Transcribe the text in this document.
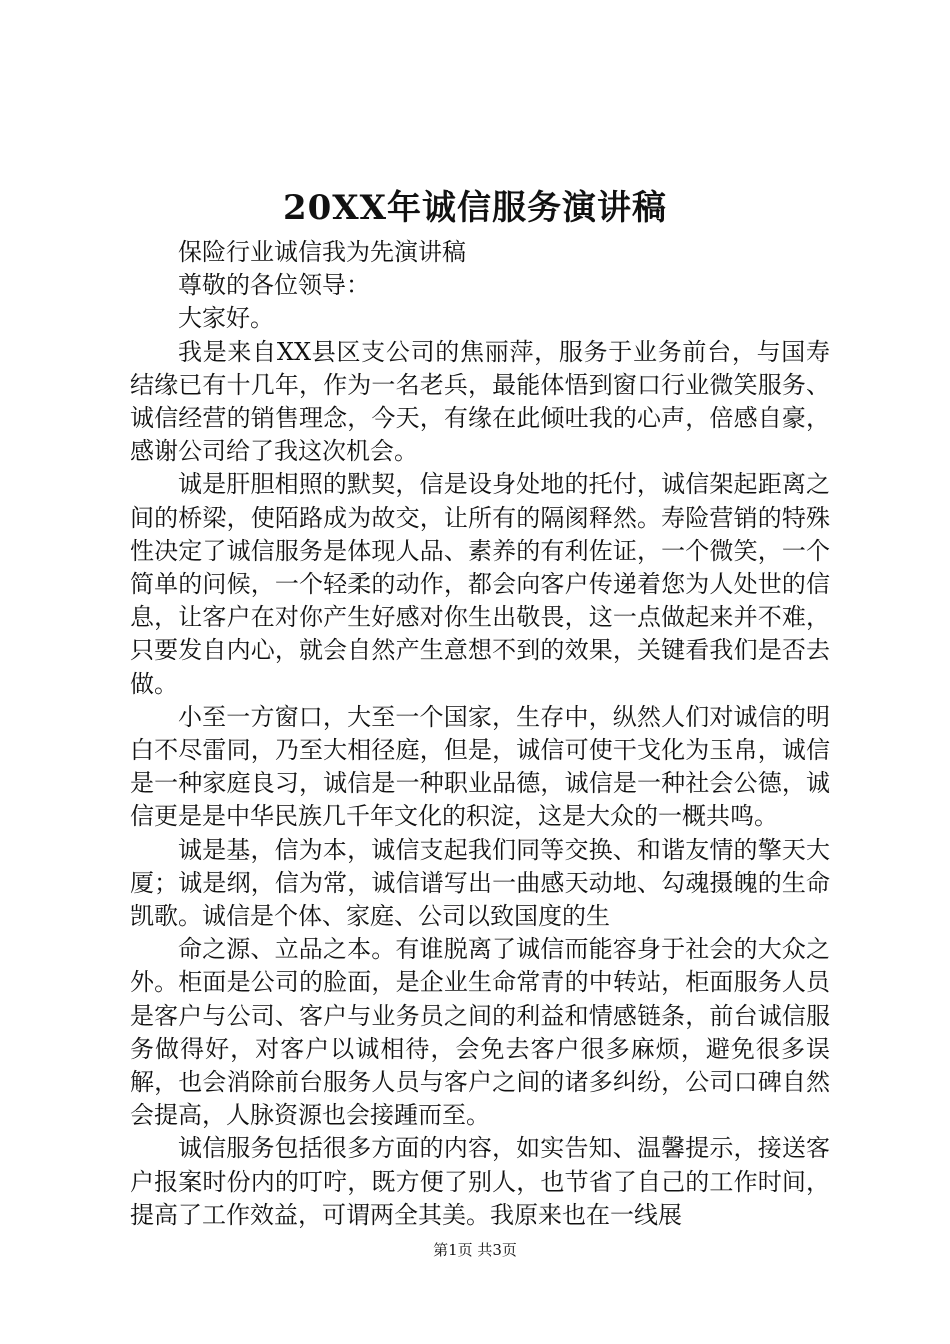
20XX年诚信服务演讲稿

保险行业诚信我为先演讲稿

尊敬的各位领导：

大家好。

我是来自XX县区支公司的焦丽萍，服务于业务前台，与国寿结缘已有十几年，作为一名老兵，最能体悟到窗口行业微笑服务、诚信经营的销售理念，今天，有缘在此倾吐我的心声，倍感自豪，感谢公司给了我这次机会。

诚是肝胆相照的默契，信是设身处地的托付，诚信架起距离之间的桥梁，使陌路成为故交，让所有的隔阂释然。寿险营销的特殊性决定了诚信服务是体现人品、素养的有利佐证，一个微笑，一个简单的问候，一个轻柔的动作，都会向客户传递着您为人处世的信息，让客户在对你产生好感对你生出敬畏，这一点做起来并不难，只要发自内心，就会自然产生意想不到的效果，关键看我们是否去做。

小至一方窗口，大至一个国家，生存中，纵然人们对诚信的明白不尽雷同，乃至大相径庭，但是，诚信可使干戈化为玉帛，诚信是一种家庭良习，诚信是一种职业品德，诚信是一种社会公德，诚信更是是中华民族几千年文化的积淀，这是大众的一概共鸣。

诚是基，信为本，诚信支起我们同等交换、和谐友情的擎天大厦；诚是纲，信为常，诚信谱写出一曲感天动地、勾魂摄魄的生命凯歌。诚信是个体、家庭、公司以致国度的生

命之源、立品之本。有谁脱离了诚信而能容身于社会的大众之外。柜面是公司的脸面，是企业生命常青的中转站，柜面服务人员是客户与公司、客户与业务员之间的利益和情感链条，前台诚信服务做得好，对客户以诚相待，会免去客户很多麻烦，避免很多误解，也会消除前台服务人员与客户之间的诸多纠纷，公司口碑自然会提高，人脉资源也会接踵而至。

诚信服务包括很多方面的内容，如实告知、温馨提示，接送客户报案时份内的叮咛，既方便了别人，也节省了自己的工作时间，提高了工作效益，可谓两全其美。我原来也在一线展

第1页 共3页
